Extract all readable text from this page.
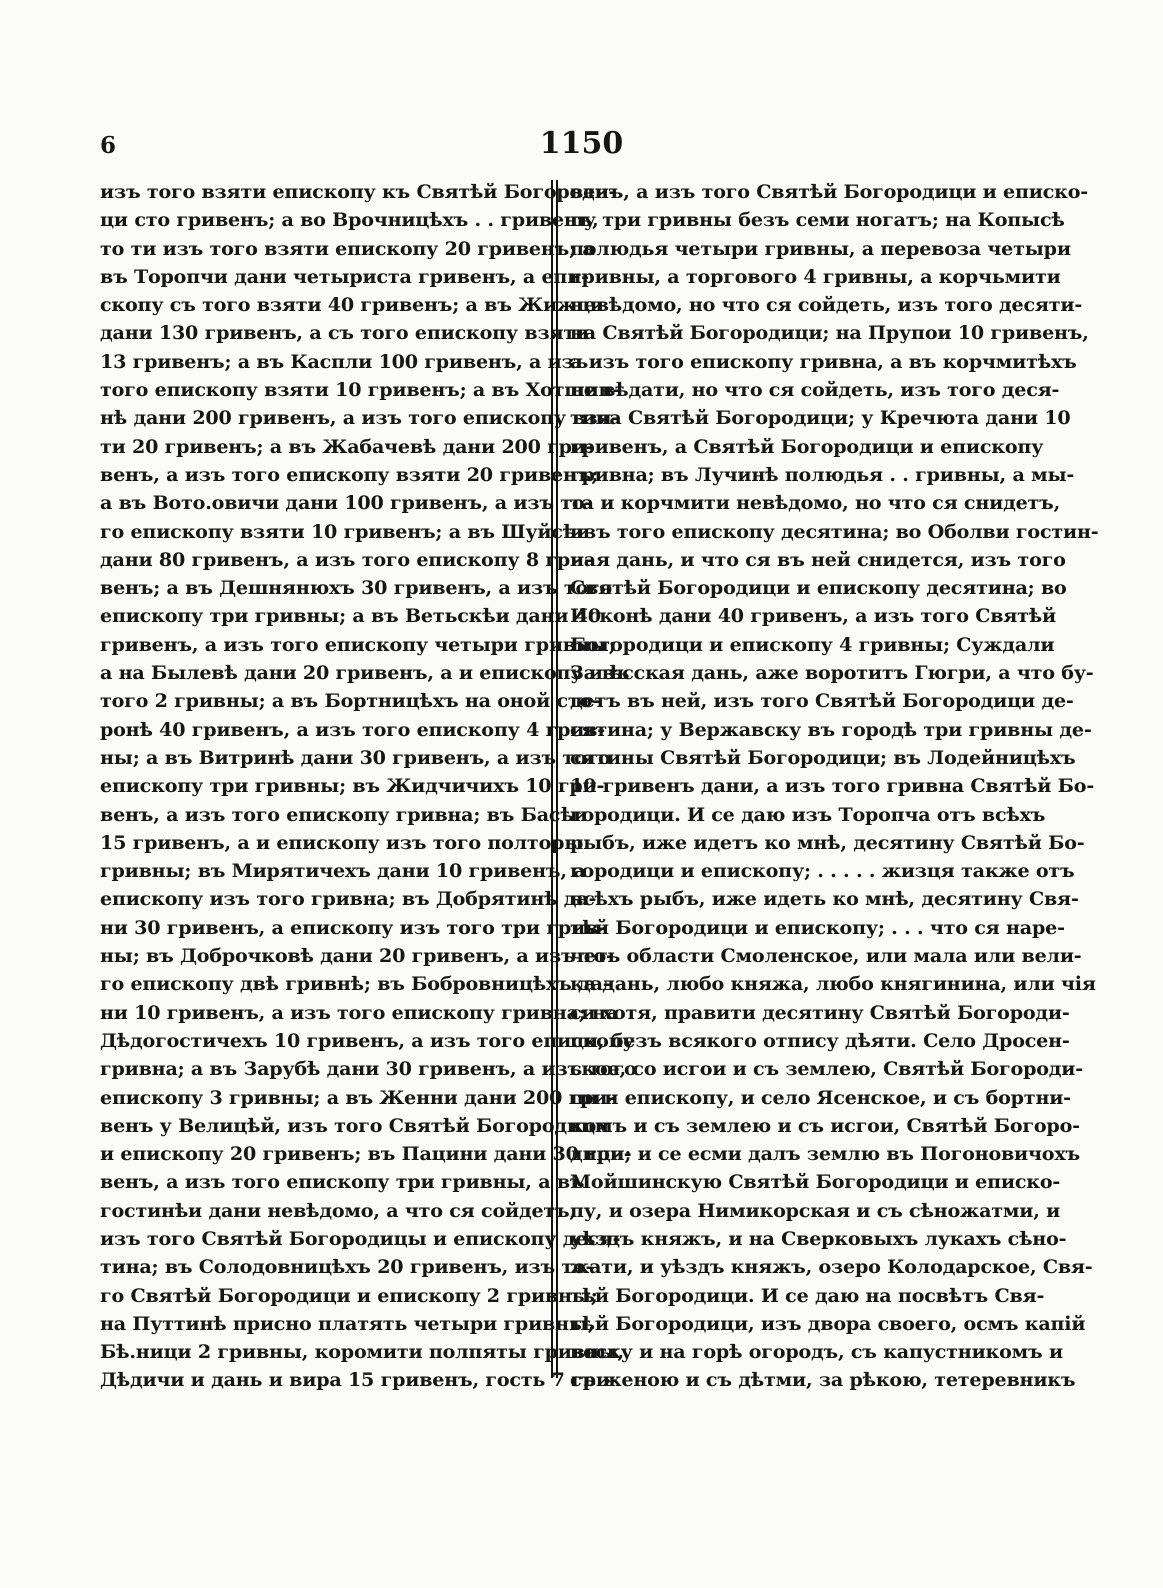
6	1150
изъ того взяти епископу къ Святѣй Богороди-
ци сто гривенъ; а во Врочницѣхъ . . гривенъ,
то ти изъ того взяти епископу 20 гривенъ; а
въ Торопчи дани четыриста гривенъ, а епи-
скопу съ того взяти 40 гривенъ; а въ Жижци
дани 130 гривенъ, а съ того епископу взяти
13 гривенъ; а въ Каспли 100 гривенъ, а изъ
того епископу взяти 10 гривенъ; а въ Хотшин-
нѣ дани 200 гривенъ, а изъ того епископу взя-
ти 20 гривенъ; а въ Жабачевѣ дани 200 гри-
венъ, а изъ того епископу взяти 20 гривенъ;
а въ Вото.овичи дани 100 гривенъ, а изъ то-
го епископу взяти 10 гривенъ; а въ Шуйсѣи
дани 80 гривенъ, а изъ того епископу 8 гри-
венъ; а въ Дешнянюхъ 30 гривенъ, а изъ того
епископу три гривны; а въ Ветьскѣи дани 40
гривенъ, а изъ того епископу четыри гривны;
а на Былевѣ дани 20 гривенъ, а и епископу изъ
того 2 гривны; а въ Бортницѣхъ на оной сто-
ронѣ 40 гривенъ, а изъ того епископу 4 грив-
ны; а въ Витринѣ дани 30 гривенъ, а изъ того
епископу три гривны; въ Жидчичихъ 10 гри-
венъ, а изъ того епископу гривна; въ Басѣи
15 гривенъ, а и епископу изъ того полторы
гривны; въ Мирятичехъ дани 10 гривенъ, а
епископу изъ того гривна; въ Добрятинѣ да-
ни 30 гривенъ, а епископу изъ того три грив-
ны; въ Доброчковѣ дани 20 гривенъ, а изъ то-
го епископу двѣ гривнѣ; въ Бобровницѣхъ да-
ни 10 гривенъ, а изъ того епископу гривна; на
Дѣдогостичехъ 10 гривенъ, а изъ того епископу
гривна; а въ Зарубѣ дани 30 гривенъ, а изъ того
епископу 3 гривны; а въ Женни дани 200 гри-
венъ у Велицѣй, изъ того Святѣй Богородици
и епископу 20 гривенъ; въ Пацини дани 30 гри-
венъ, а изъ того епископу три гривны, а въ
гостинѣи дани невѣдомо, а что ся сойдетъ,
изъ того Святѣй Богородицы и епископу деся-
тина; въ Солодовницѣхъ 20 гривенъ, изъ то-
го Святѣй Богородици и епископу 2 гривны;
на Путтинѣ присно платять четыри гривны,
Бѣ.ници 2 гривны, коромити полпяты гривны,
Дѣдичи и дань и вира 15 гривенъ, гость 7 гри-
венъ, а изъ того Святѣй Богородици и еписко-
пу три гривны безъ семи ногатъ; на Копысѣ
полюдья четыри гривны, а перевоза четыри
гривны, а торгового 4 гривны, а корчьмити
невѣдомо, но что ся сойдеть, изъ того десяти-
на Святѣй Богородици; на Прупои 10 гривенъ,
а изъ того епископу гривна, а въ корчмитѣхъ
не вѣдати, но что ся сойдеть, изъ того деся-
тина Святѣй Богородици; у Кречюта дани 10
гривенъ, а Святѣй Богородици и епископу
гривна; въ Лучинѣ полюдья . . гривны, а мы-
та и корчмити невѣдомо, но что ся снидетъ,
изъ того епископу десятина; во Оболви гостин-
ная дань, и что ся въ ней снидется, изъ того
Святѣй Богородици и епископу десятина; во
Исконѣ дани 40 гривенъ, а изъ того Святѣй
Богородици и епископу 4 гривны; Суждали
Залѣсская дань, аже воротитъ Гюгри, а что бу-
детъ въ ней, изъ того Святѣй Богородици де-
сятина; у Вержавску въ городѣ три гривны де-
сятины Святѣй Богородици; въ Лодейницѣхъ
10 гривенъ дани, а изъ того гривна Святѣй Бо-
городици. И се даю изъ Торопча отъ всѣхъ
рыбъ, иже идетъ ко мнѣ, десятину Святѣй Бо-
городици и епископу; . . . . . жизця также отъ
всѣхъ рыбъ, иже идеть ко мнѣ, десятину Свя-
тѣй Богородици и епископу; . . . что ся наре-
четь области Смоленское, или мала или вели-
ка дань, любо княжа, любо княгинина, или чія
си хотя, правити десятину Святѣй Богороди-
ци, безъ всякого отпису дѣяти. Село Дросен-
ское, со исгои и съ землею, Святѣй Богороди-
ци и епископу, и село Ясенское, и съ бортни-
комъ и съ землею и съ исгои, Святѣй Богоро-
дици; и се есми далъ землю въ Погоновичохъ
Мойшинскую Святѣй Богородици и еписко-
пу, и озера Нимикорская и съ сѣножатми, и
уѣздъ княжъ, и на Сверковыхъ лукахъ сѣно-
жати, и уѣздъ княжъ, озеро Колодарское, Свя-
тѣй Богородици. И се даю на посвѣтъ Свя-
тѣй Богородици, изъ двора своего, осмъ капій
воску и на горѣ огородъ, съ капустникомъ и
съ женою и съ дѣтми, за рѣкою, тетеревникъ
